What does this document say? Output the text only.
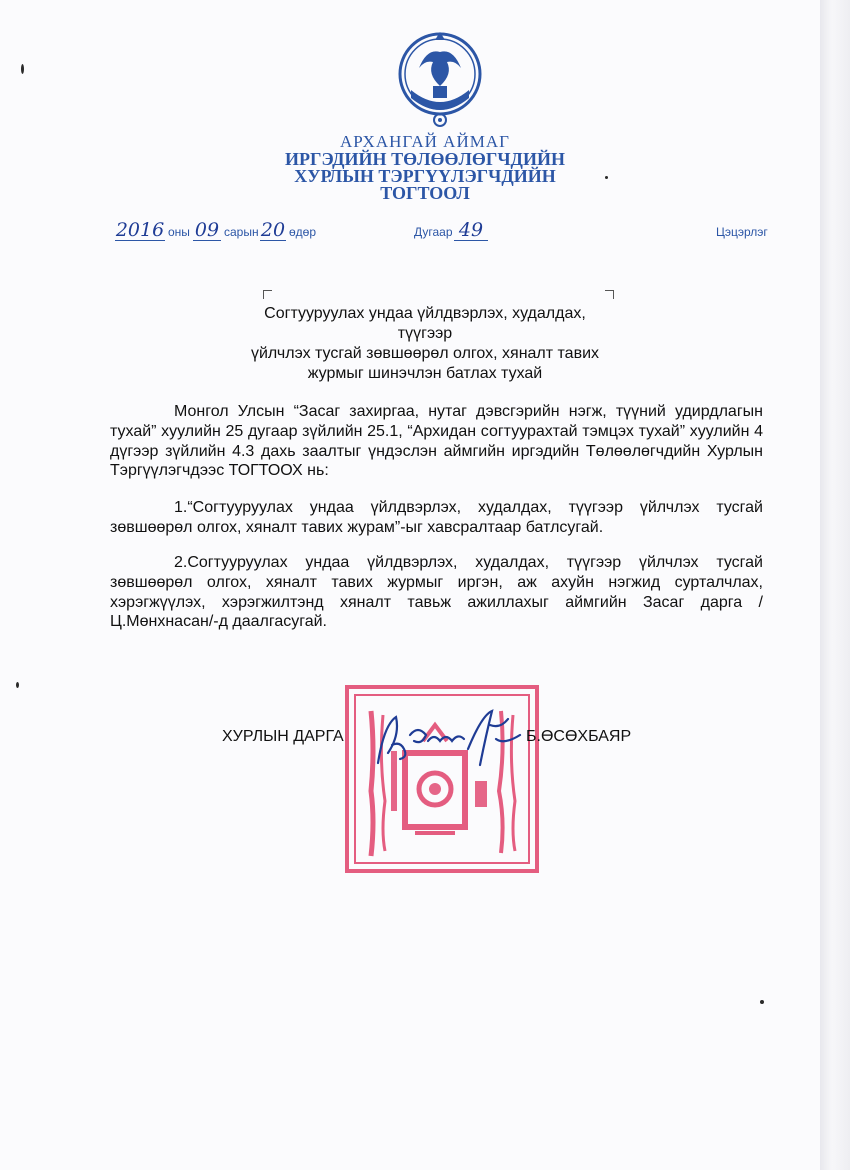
АРХАНГАЙ АЙМАГ
ИРГЭДИЙН ТӨЛӨӨЛӨГЧДИЙН
ХУРЛЫН ТЭРГҮҮЛЭГЧДИЙН
ТОГТООЛ
2016 оны 09 сарын 20 өдөр	Дугаар 49	Цэцэрлэг
Согтууруулах ундаа үйлдвэрлэх, худалдах, түүгээр
үйлчлэх тусгай зөвшөөрөл олгох, хяналт тавих
журмыг шинэчлэн батлах тухай
Монгол Улсын “Засаг захиргаа, нутаг дэвсгэрийн нэгж, түүний удирдлагын тухай” хуулийн 25 дугаар зүйлийн 25.1, “Архидан согтуурахтай тэмцэх тухай” хуулийн 4 дүгээр зүйлийн 4.3 дахь заалтыг үндэслэн аймгийн иргэдийн Төлөөлөгчдийн Хурлын Тэргүүлэгчдээс ТОГТООХ нь:
1.“Согтууруулах ундаа үйлдвэрлэх, худалдах, түүгээр үйлчлэх тусгай зөвшөөрөл олгох, хяналт тавих журам”-ыг хавсралтаар батлсугай.
2.Согтууруулах ундаа үйлдвэрлэх, худалдах, түүгээр үйлчлэх тусгай зөвшөөрөл олгох, хяналт тавих журмыг иргэн, аж ахуйн нэгжид сурталчлах, хэрэгжүүлэх, хэрэгжилтэнд хяналт тавьж ажиллахыг аймгийн Засаг дарга /Ц.Мөнхнасан/-д даалгасугай.
ХУРЛЫН ДАРГА	Б.ӨСӨХБАЯР
